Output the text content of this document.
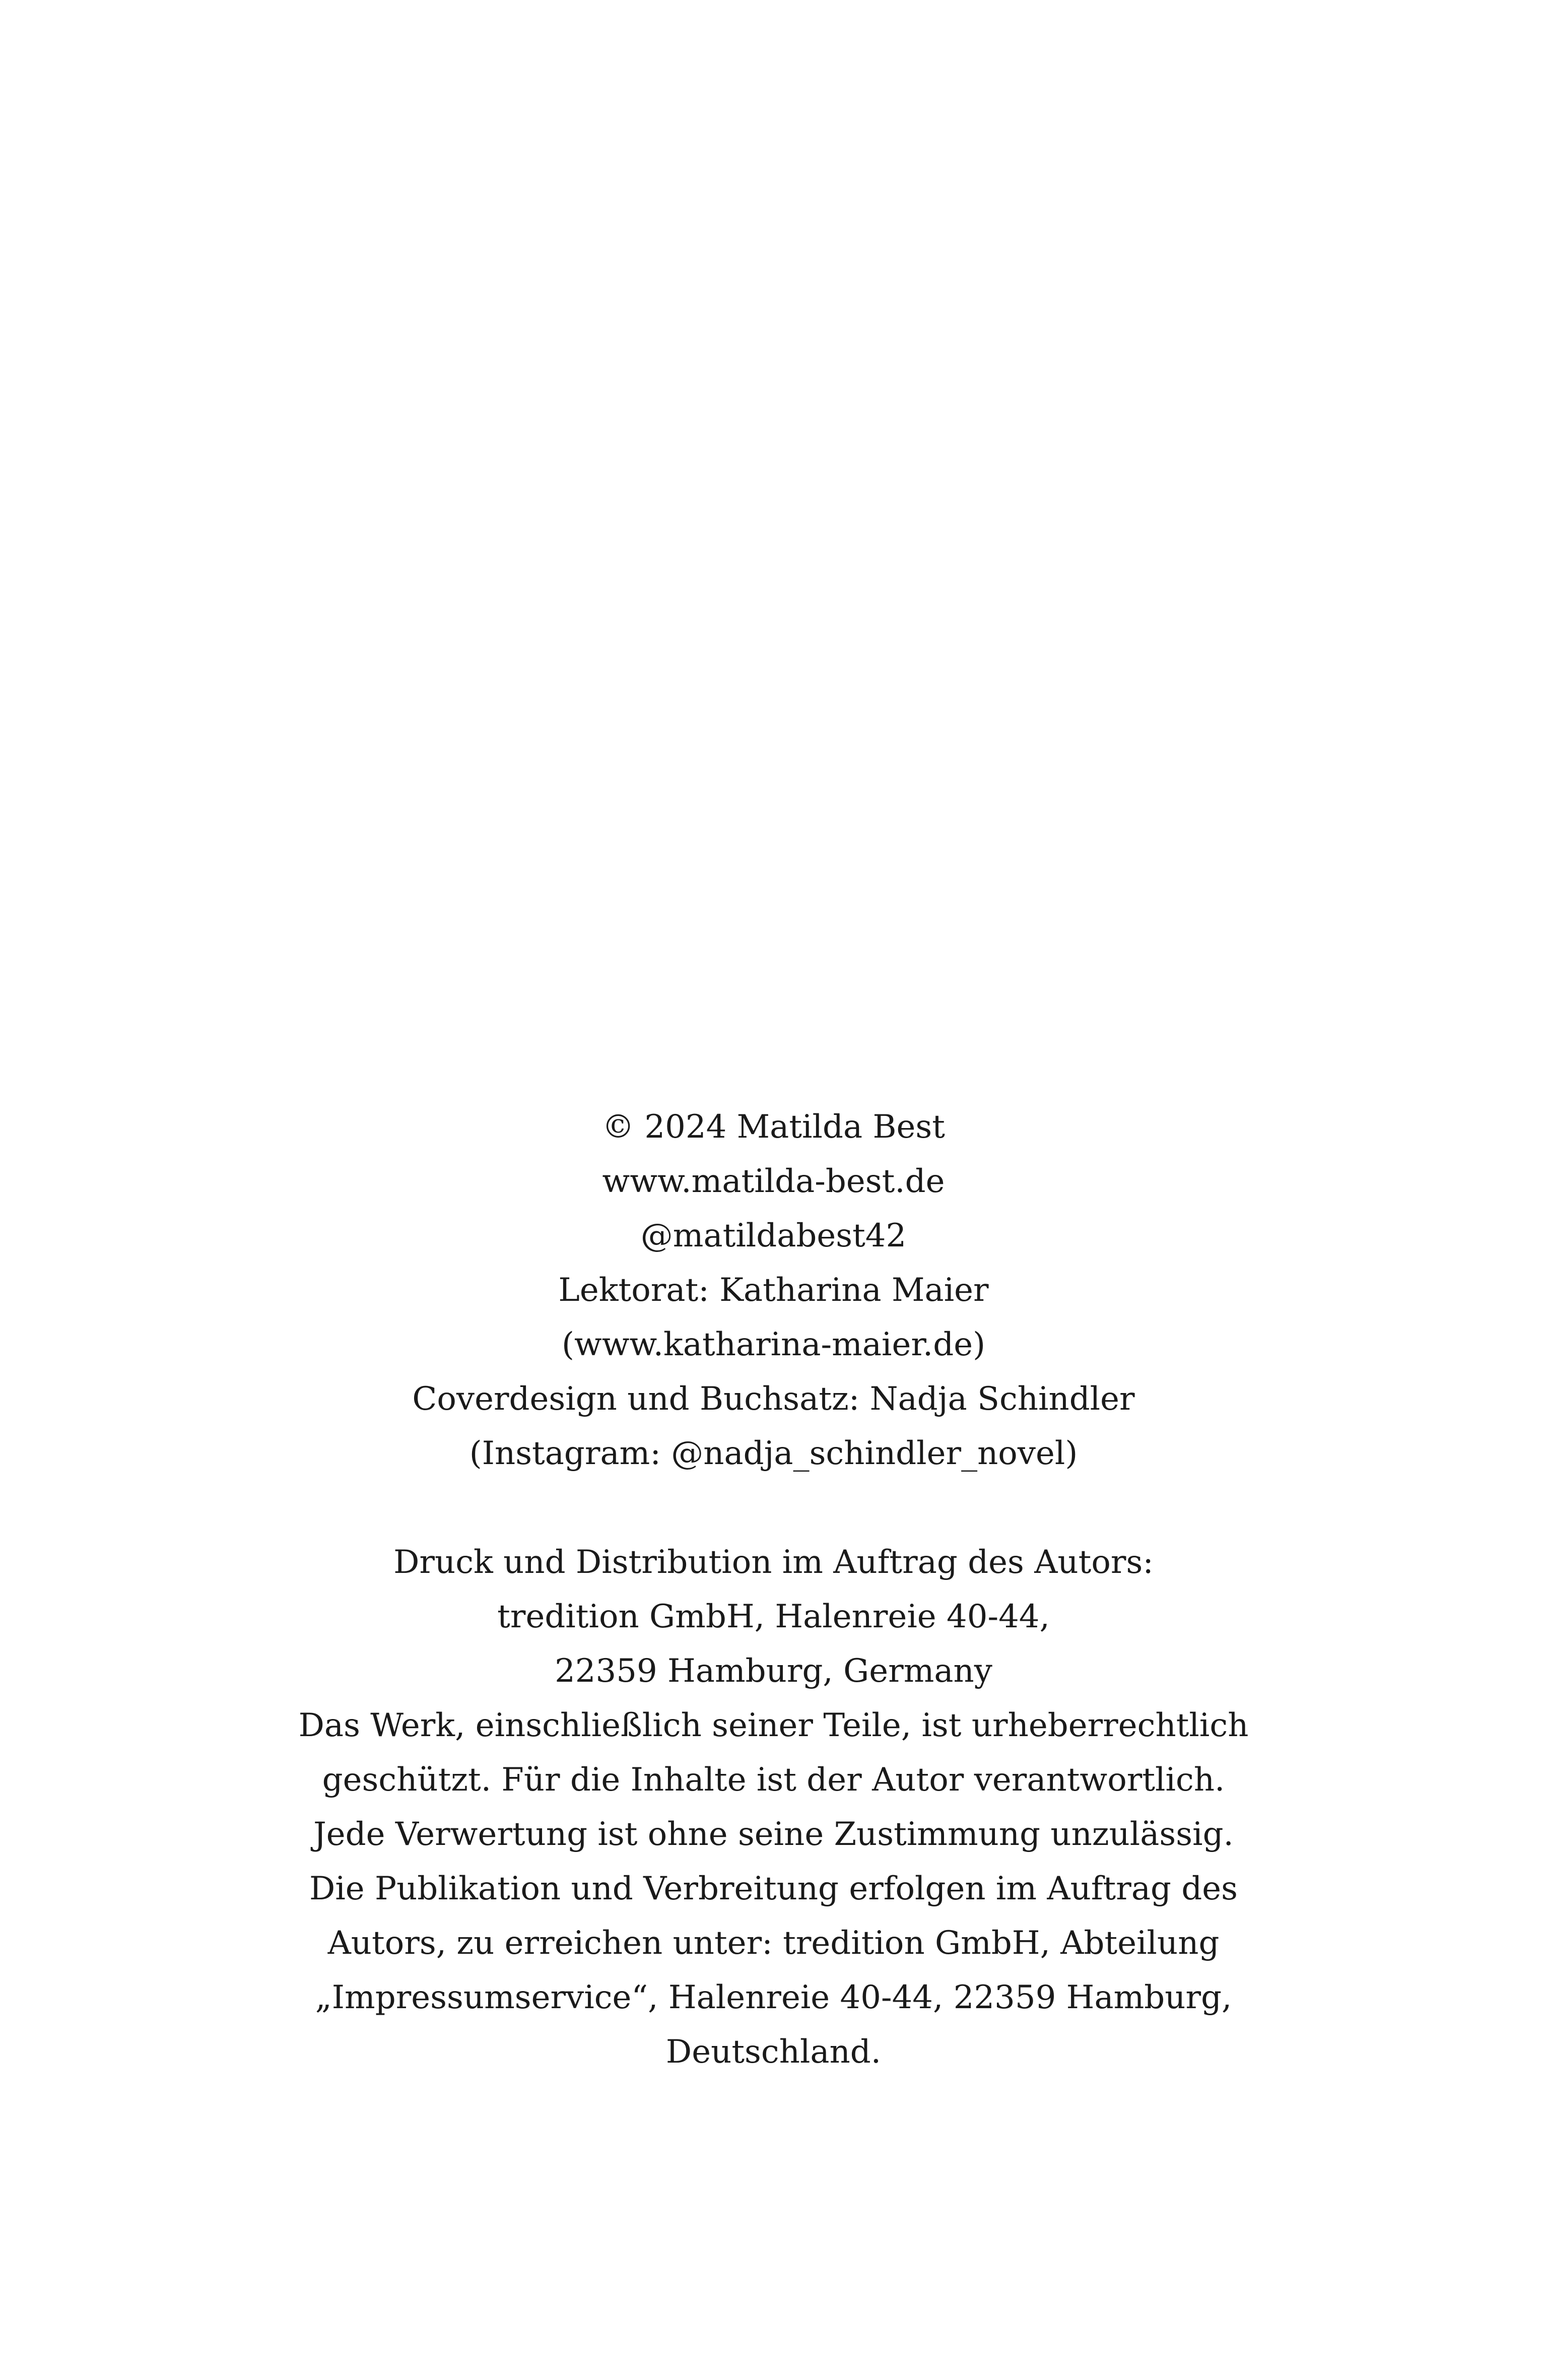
© 2024 Matilda Best
www.matilda-best.de
@matildabest42
Lektorat: Katharina Maier
(www.katharina-maier.de)
Coverdesign und Buchsatz: Nadja Schindler
(Instagram: @nadja_schindler_novel)
Druck und Distribution im Auftrag des Autors:
tredition GmbH, Halenreie 40-44,
22359 Hamburg, Germany
Das Werk, einschließlich seiner Teile, ist urheberrechtlich
geschützt. Für die Inhalte ist der Autor verantwortlich.
Jede Verwertung ist ohne seine Zustimmung unzulässig.
Die Publikation und Verbreitung erfolgen im Auftrag des
Autors, zu erreichen unter: tredition GmbH, Abteilung
„Impressumservice“, Halenreie 40-44, 22359 Hamburg,
Deutschland.
